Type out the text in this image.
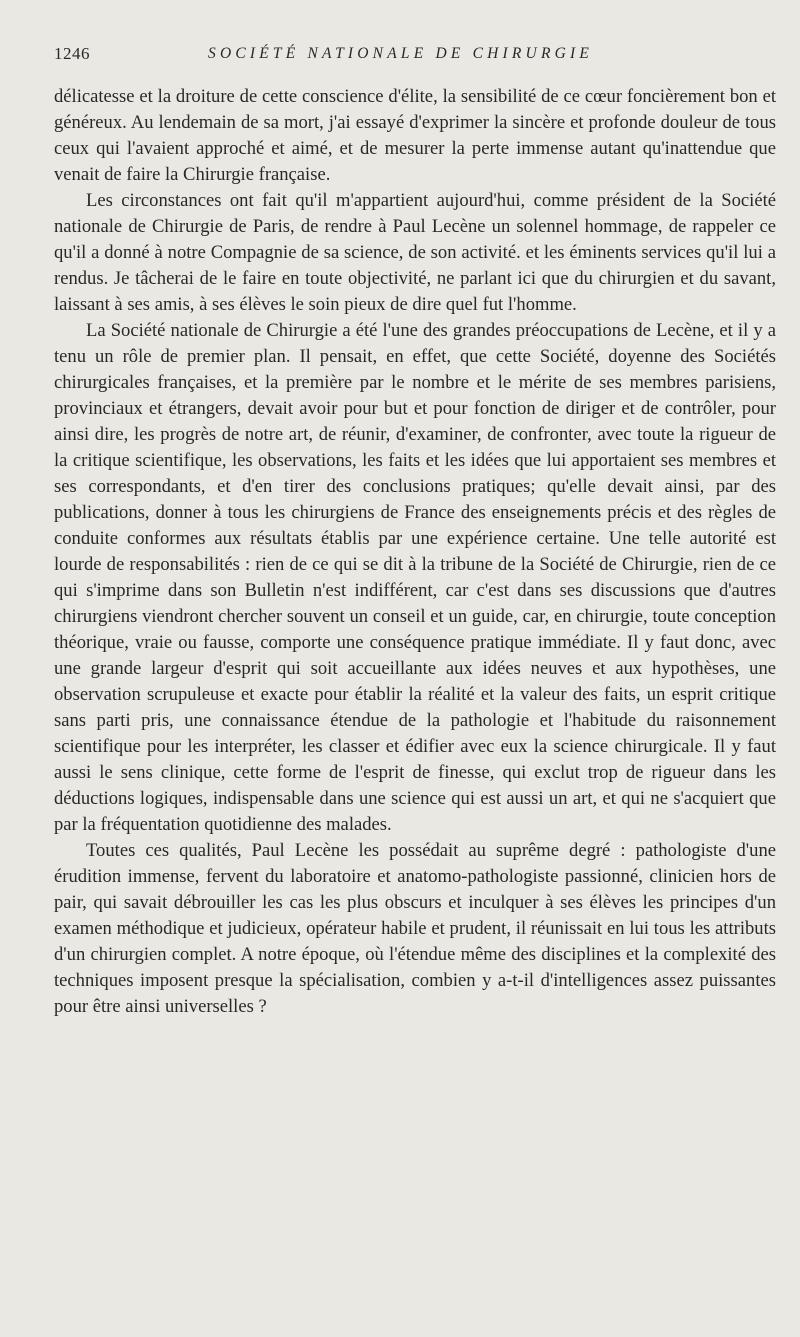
1246	SOCIÉTÉ NATIONALE DE CHIRURGIE

délicatesse et la droiture de cette conscience d'élite, la sensibilité de ce cœur foncièrement bon et généreux. Au lendemain de sa mort, j'ai essayé d'exprimer la sincère et profonde douleur de tous ceux qui l'avaient approché et aimé, et de mesurer la perte immense autant qu'inattendue que venait de faire la Chirurgie française.

Les circonstances ont fait qu'il m'appartient aujourd'hui, comme président de la Société nationale de Chirurgie de Paris, de rendre à Paul Lecène un solennel hommage, de rappeler ce qu'il a donné à notre Compagnie de sa science, de son activité. et les éminents services qu'il lui a rendus. Je tâcherai de le faire en toute objectivité, ne parlant ici que du chirurgien et du savant, laissant à ses amis, à ses élèves le soin pieux de dire quel fut l'homme.

La Société nationale de Chirurgie a été l'une des grandes préoccupations de Lecène, et il y a tenu un rôle de premier plan. Il pensait, en effet, que cette Société, doyenne des Sociétés chirurgicales françaises, et la première par le nombre et le mérite de ses membres parisiens, provinciaux et étrangers, devait avoir pour but et pour fonction de diriger et de contrôler, pour ainsi dire, les progrès de notre art, de réunir, d'examiner, de confronter, avec toute la rigueur de la critique scientifique, les observations, les faits et les idées que lui apportaient ses membres et ses correspondants, et d'en tirer des conclusions pratiques; qu'elle devait ainsi, par des publications, donner à tous les chirurgiens de France des enseignements précis et des règles de conduite conformes aux résultats établis par une expérience certaine. Une telle autorité est lourde de responsabilités : rien de ce qui se dit à la tribune de la Société de Chirurgie, rien de ce qui s'imprime dans son Bulletin n'est indifférent, car c'est dans ses discussions que d'autres chirurgiens viendront chercher souvent un conseil et un guide, car, en chirurgie, toute conception théorique, vraie ou fausse, comporte une conséquence pratique immédiate. Il y faut donc, avec une grande largeur d'esprit qui soit accueillante aux idées neuves et aux hypothèses, une observation scrupuleuse et exacte pour établir la réalité et la valeur des faits, un esprit critique sans parti pris, une connaissance étendue de la pathologie et l'habitude du raisonnement scientifique pour les interpréter, les classer et édifier avec eux la science chirurgicale. Il y faut aussi le sens clinique, cette forme de l'esprit de finesse, qui exclut trop de rigueur dans les déductions logiques, indispensable dans une science qui est aussi un art, et qui ne s'acquiert que par la fréquentation quotidienne des malades.

Toutes ces qualités, Paul Lecène les possédait au suprême degré : pathologiste d'une érudition immense, fervent du laboratoire et anatomo-pathologiste passionné, clinicien hors de pair, qui savait débrouiller les cas les plus obscurs et inculquer à ses élèves les principes d'un examen méthodique et judicieux, opérateur habile et prudent, il réunissait en lui tous les attributs d'un chirurgien complet. A notre époque, où l'étendue même des disciplines et la complexité des techniques imposent presque la spécialisation, combien y a-t-il d'intelligences assez puissantes pour être ainsi universelles ?
